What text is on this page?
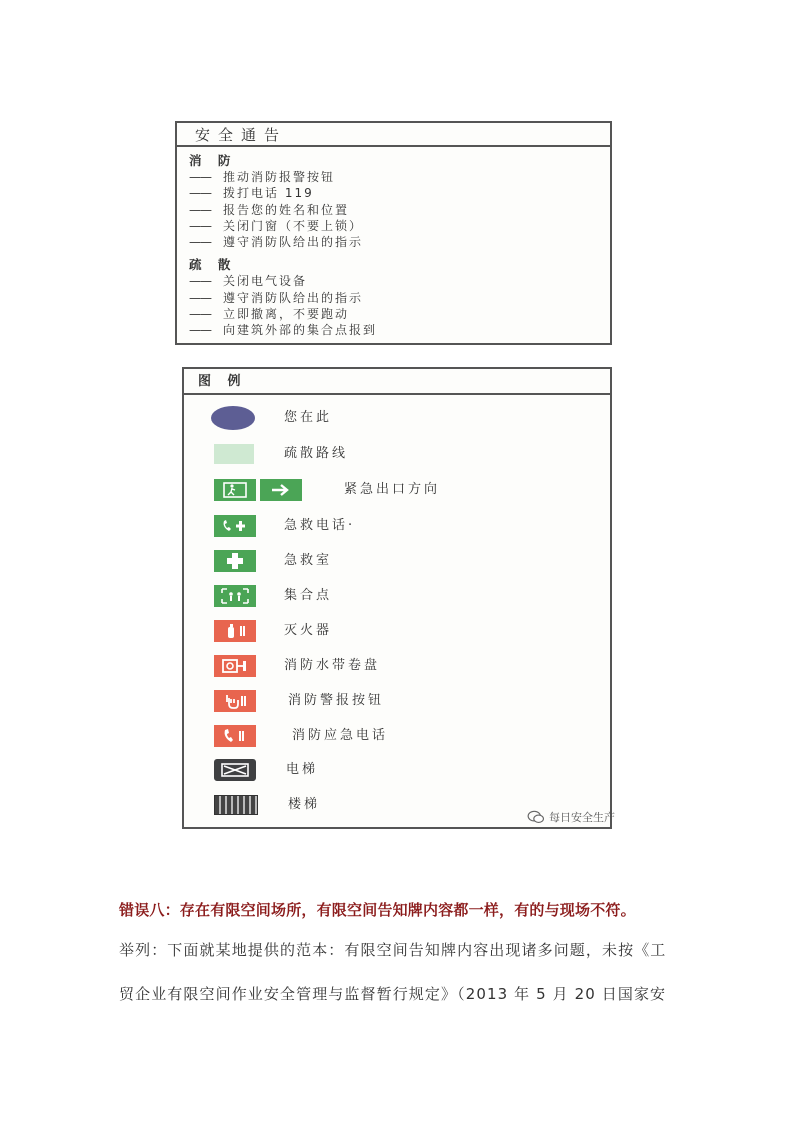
安全通告
消 防
—— 推动消防报警按钮
—— 拨打电话 119
—— 报告您的姓名和位置
—— 关闭门窗（不要上锁）
—— 遵守消防队给出的指示
疏 散
—— 关闭电气设备
—— 遵守消防队给出的指示
—— 立即撤离，不要跑动
—— 向建筑外部的集合点报到
图 例
您在此
疏散路线
紧急出口方向
急救电话·
急救室
集合点
灭火器
消防水带卷盘
消防警报按钮
消防应急电话
电梯
楼梯
每日安全生产
错误八：存在有限空间场所，有限空间告知牌内容都一样，有的与现场不符。
举列：下面就某地提供的范本：有限空间告知牌内容出现诸多问题，未按《工
贸企业有限空间作业安全管理与监督暂行规定》（2013 年 5 月 20 日国家安
